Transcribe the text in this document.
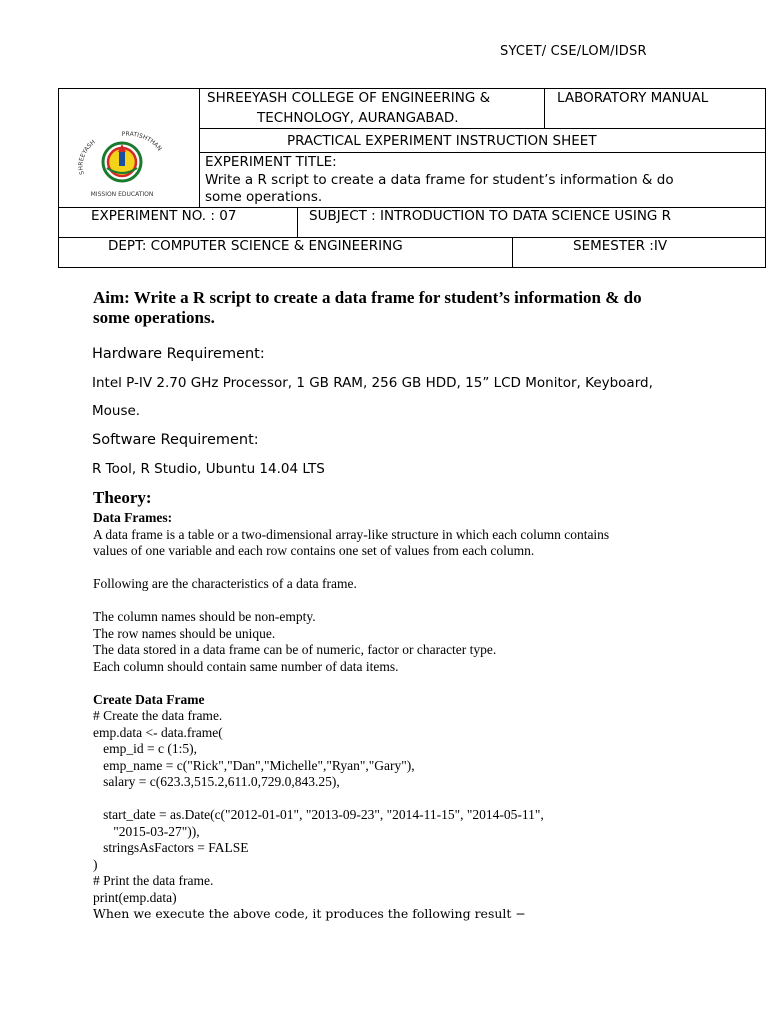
SYCET/ CSE/LOM/IDSR
SHREEYASH
PRATISHTHAN
MISSION EDUCATION
SHREEYASH COLLEGE OF ENGINEERING &
TECHNOLOGY, AURANGABAD.
LABORATORY MANUAL
PRACTICAL EXPERIMENT INSTRUCTION SHEET
EXPERIMENT TITLE:
Write a R script to create a data frame for student’s information & do
some operations.
EXPERIMENT NO. : 07	SUBJECT : INTRODUCTION TO DATA SCIENCE USING R
DEPT: COMPUTER SCIENCE & ENGINEERING	SEMESTER :IV
Aim: Write a R script to create a data frame for student’s information & do
some operations.
Hardware Requirement:
Intel P-IV 2.70 GHz Processor, 1 GB RAM, 256 GB HDD, 15” LCD Monitor, Keyboard,
Mouse.
Software Requirement:
R Tool, R Studio, Ubuntu 14.04 LTS
Theory:
Data Frames:
A data frame is a table or a two-dimensional array-like structure in which each column contains
values of one variable and each row contains one set of values from each column.
Following are the characteristics of a data frame.
The column names should be non-empty.
The row names should be unique.
The data stored in a data frame can be of numeric, factor or character type.
Each column should contain same number of data items.
Create Data Frame
# Create the data frame.
emp.data <- data.frame(
emp_id = c (1:5),
emp_name = c("Rick","Dan","Michelle","Ryan","Gary"),
salary = c(623.3,515.2,611.0,729.0,843.25),
start_date = as.Date(c("2012-01-01", "2013-09-23", "2014-11-15", "2014-05-11",
"2015-03-27")),
stringsAsFactors = FALSE
)
# Print the data frame.
print(emp.data)
When we execute the above code, it produces the following result −
